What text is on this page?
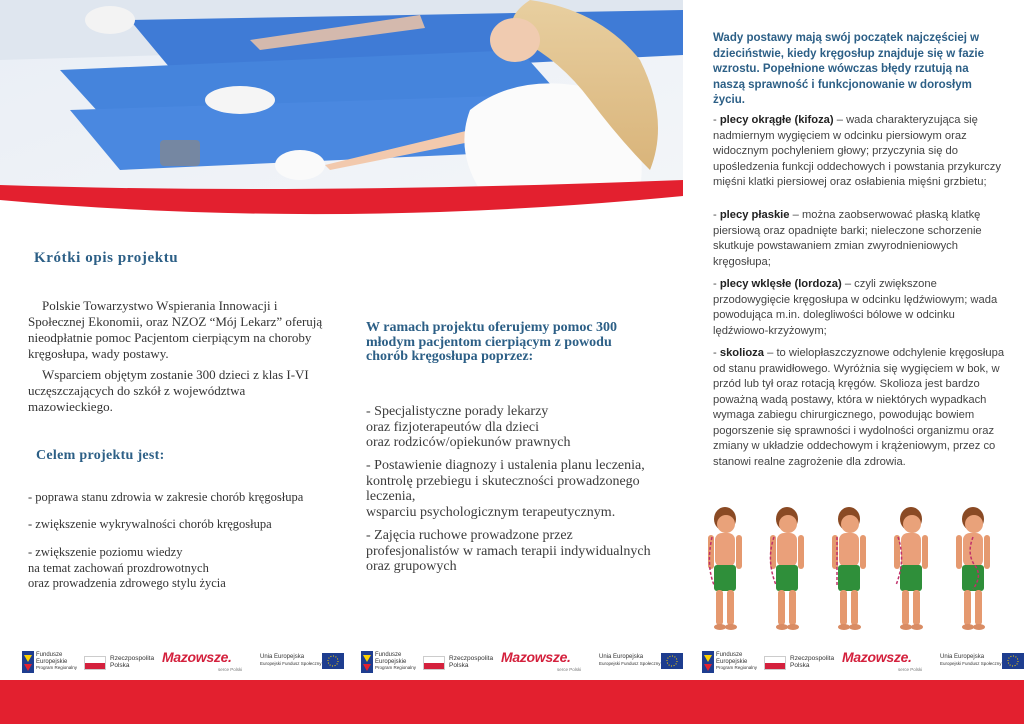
Krótki opis projektu
Polskie Towarzystwo Wspierania Innowacji i Społecznej Ekonomii, oraz NZOZ “Mój Lekarz” oferują nieodpłatnie pomoc Pacjentom cierpiącym na choroby kręgosłupa, wady postawy.
Wsparciem objętym zostanie 300 dzieci z klas I-VI uczęszczających do szkół z województwa mazowieckiego.
Celem projektu jest:
- poprawa stanu zdrowia w zakresie chorób kręgosłupa
- zwiększenie wykrywalności chorób kręgosłupa
- zwiększenie poziomu wiedzy
na temat zachowań prozdrowotnych
oraz prowadzenia zdrowego stylu życia
W ramach projektu oferujemy pomoc 300 młodym pacjentom cierpiącym z powodu chorób kręgosłupa poprzez:
- Specjalistyczne porady lekarzy
oraz fizjoterapeutów dla dzieci
oraz rodziców/opiekunów prawnych
- Postawienie diagnozy i ustalenia planu leczenia, kontrolę przebiegu i skuteczności prowadzonego leczenia,
wsparciu psychologicznym terapeutycznym.
- Zajęcia ruchowe prowadzone przez profesjonalistów w ramach terapii indywidualnych oraz grupowych
Wady postawy mają swój początek najczęściej w dzieciństwie, kiedy kręgosłup znajduje się w fazie wzrostu. Popełnione wówczas błędy rzutują na naszą sprawność i funkcjonowanie w dorosłym życiu.
- plecy okrągłe (kifoza) – wada charakteryzująca się nadmiernym wygięciem w odcinku piersiowym oraz widocznym pochyleniem głowy; przyczynia się do upośledzenia funkcji oddechowych i powstania przykurczy mięśni klatki piersiowej oraz osłabienia mięśni grzbietu;
- plecy płaskie – można zaobserwować płaską klatkę piersiową oraz opadnięte barki; nieleczone schorzenie skutkuje powstawaniem zmian zwyrodnieniowych kręgosłupa;
- plecy wklęsłe (lordoza) – czyli zwiększone przodowygięcie kręgosłupa w odcinku lędźwiowym; wada powodująca m.in. dolegliwości bólowe w odcinku lędźwiowo-krzyżowym;
- skolioza – to wielopłaszczyznowe odchylenie kręgosłupa od stanu prawidłowego. Wyróżnia się wygięciem w bok, w przód lub tył oraz rotacją kręgów. Skolioza jest bardzo poważną wadą postawy, która w niektórych wypadkach wymaga zabiegu chirurgicznego, powodując bowiem pogorszenie się sprawności i wydolności organizmu oraz zmiany w układzie oddechowym i krążeniowym, przez co stanowi realne zagrożenie dla zdrowia.
Fundusze
Europejskie
Program Regionalny
Rzeczpospolita
Polska
Mazowsze.
serce Polski
Unia Europejska
Europejski Fundusz Społeczny
Fundusze
Europejskie
Program Regionalny
Rzeczpospolita
Polska
Mazowsze.
serce Polski
Unia Europejska
Europejski Fundusz Społeczny
Fundusze
Europejskie
Program Regionalny
Rzeczpospolita
Polska
Mazowsze.
serce Polski
Unia Europejska
Europejski Fundusz Społeczny
